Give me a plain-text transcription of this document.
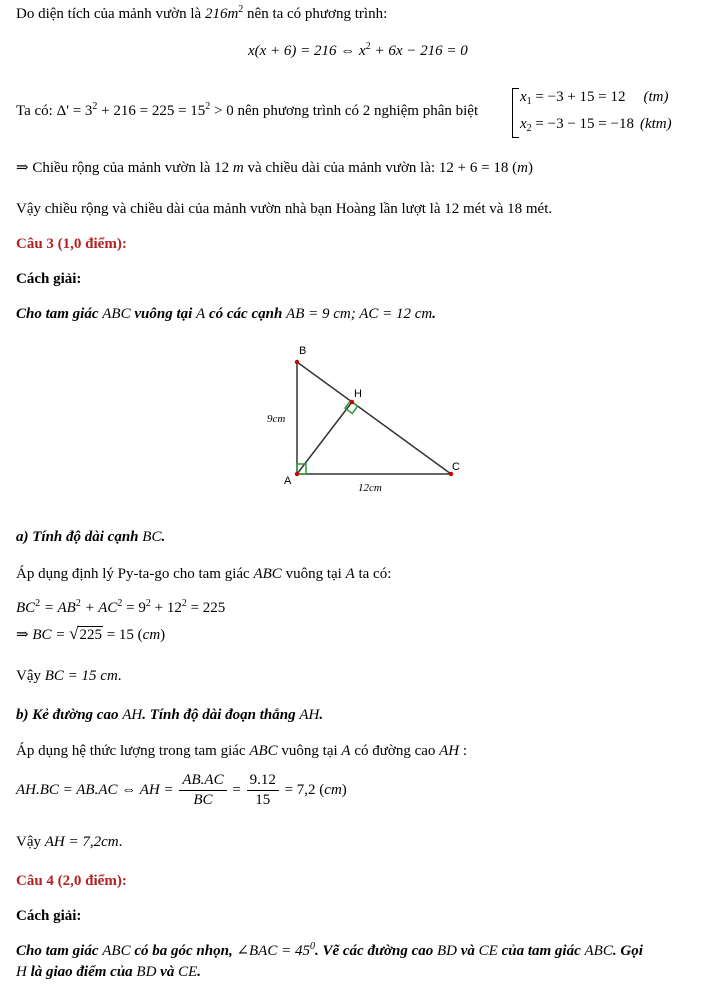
Do diện tích của mảnh vườn là $216m^2$ nên ta có phương trình:
x(x + 6) = 216 ⇔ $x^2 + 6x - 216 = 0$
Ta có: $\Delta' = 3^2 + 216 = 225 = 15^2 > 0$ nên phương trình có 2 nghiệm phân biệt
$x_1 = -3 + 15 = 12$ (tm)
$x_2 = -3 - 15 = -18$ (ktm)
⇒ Chiều rộng của mảnh vườn là 12 m và chiều dài của mảnh vườn là: 12 + 6 = 18 (m)
Vậy chiều rộng và chiều dài của mảnh vườn nhà bạn Hoàng lần lượt là 12 mét và 18 mét.
Câu 3 (1,0 điểm):
Cách giải:
Cho tam giác ABC vuông tại A có các cạnh AB = 9 cm; AC = 12 cm.
B
A
C
H
9cm
12cm
a) Tính độ dài cạnh BC.
Áp dụng định lý Py-ta-go cho tam giác ABC vuông tại A ta có:
$BC^2 = AB^2 + AC^2 = 9^2 + 12^2 = 225$
⇒ BC = √225 = 15 (cm)
Vậy BC = 15 cm.
b) Kẻ đường cao AH. Tính độ dài đoạn thẳng AH.
Áp dụng hệ thức lượng trong tam giác ABC vuông tại A có đường cao AH :
AH.BC = AB.AC ⇔ AH = $\frac{AB.AC}{BC} = \frac{9.12}{15} = 7,2$ (cm)
Vậy AH = 7,2cm.
Câu 4 (2,0 điểm):
Cách giải:
Cho tam giác ABC có ba góc nhọn, ∠BAC = $45^0$. Vẽ các đường cao BD và CE của tam giác ABC. Gọi
H là giao điểm của BD và CE.
